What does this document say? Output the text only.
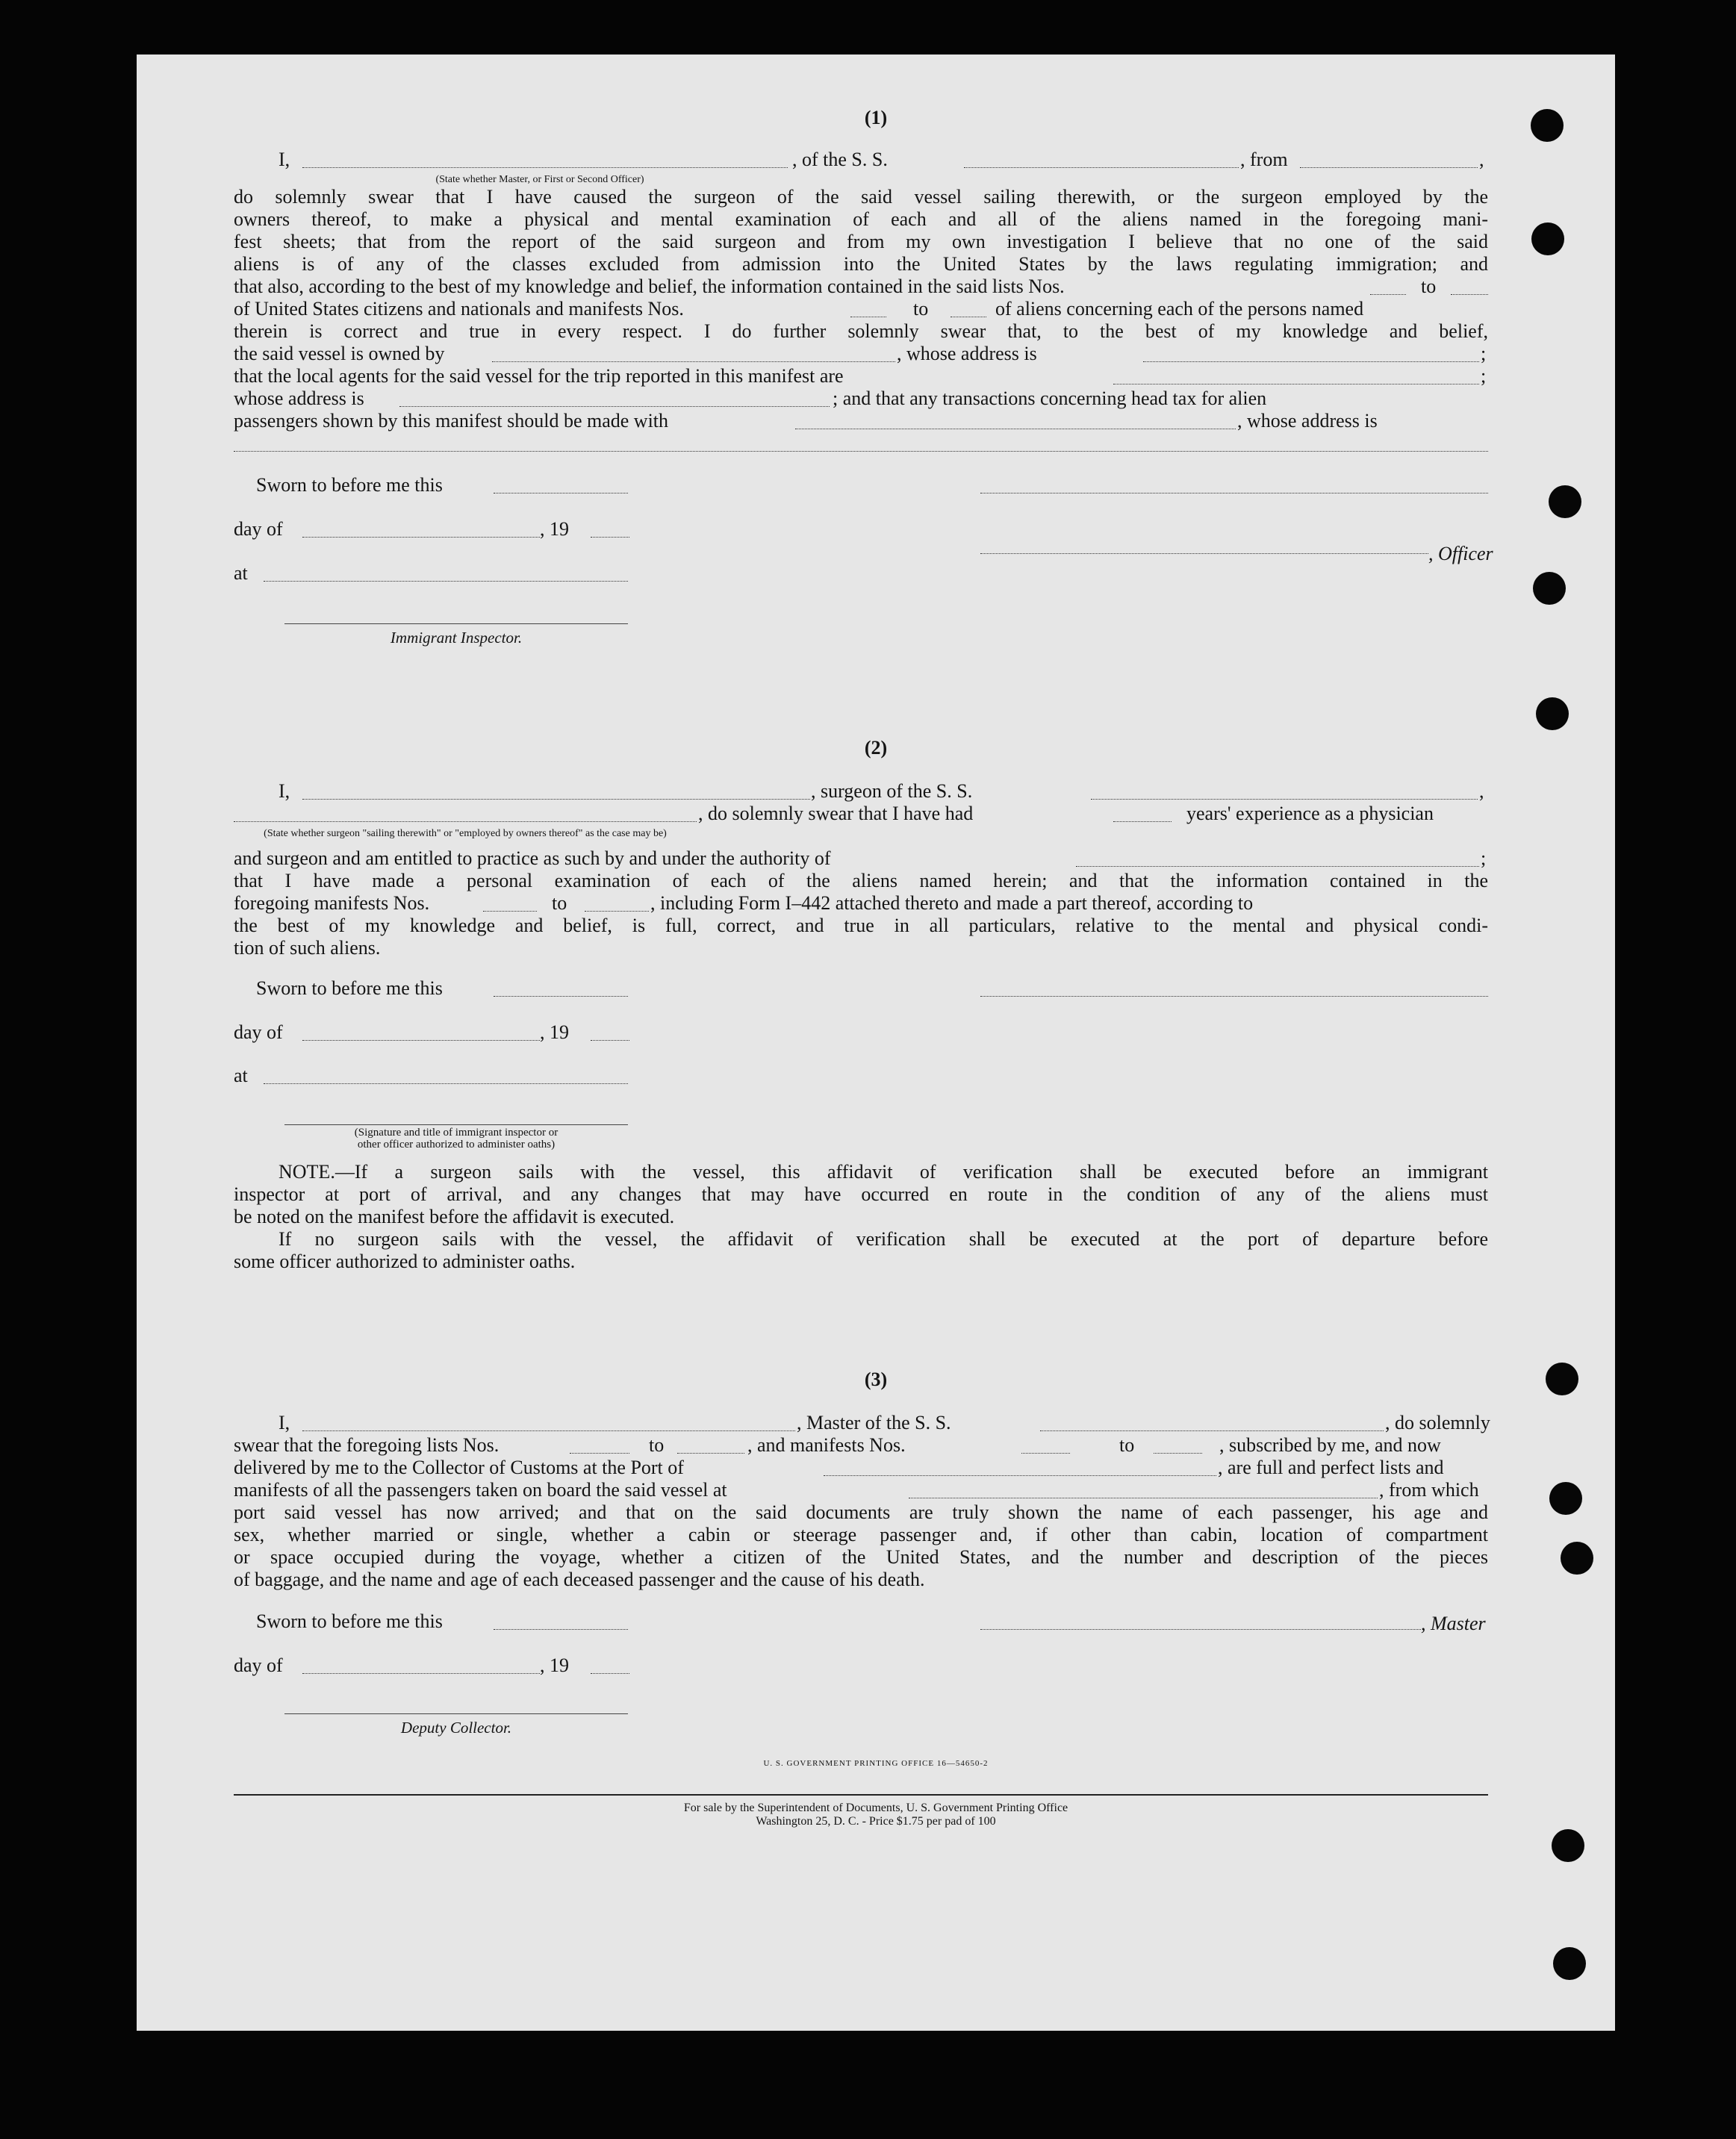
(1)
I,	, of the S. S.	, from	,
(State whether Master, or First or Second Officer)
do solemnly swear that I have caused the surgeon of the said vessel sailing therewith, or the surgeon employed by the
owners thereof, to make a physical and mental examination of each and all of the aliens named in the foregoing mani-
fest sheets; that from the report of the said surgeon and from my own investigation I believe that no one of the said
aliens is of any of the classes excluded from admission into the United States by the laws regulating immigration; and
that also, according to the best of my knowledge and belief, the information contained in the said lists Nos.	to
of United States citizens and nationals and manifests Nos.	to	of aliens concerning each of the persons named
therein is correct and true in every respect. I do further solemnly swear that, to the best of my knowledge and belief,
the said vessel is owned by	, whose address is	;
that the local agents for the said vessel for the trip reported in this manifest are	;
whose address is	; and that any transactions concerning head tax for alien
passengers shown by this manifest should be made with	, whose address is
Sworn to before me this
day of	, 19
, Officer
at
Immigrant Inspector.
(2)
I,	, surgeon of the S. S.	,
, do solemnly swear that I have had	years' experience as a physician
(State whether surgeon "sailing therewith" or "employed by owners thereof" as the case may be)
and surgeon and am entitled to practice as such by and under the authority of	;
that I have made a personal examination of each of the aliens named herein; and that the information contained in the
foregoing manifests Nos.	to	, including Form I–442 attached thereto and made a part thereof, according to
the best of my knowledge and belief, is full, correct, and true in all particulars, relative to the mental and physical condi-
tion of such aliens.
Sworn to before me this
day of	, 19
at
(Signature and title of immigrant inspector or
other officer authorized to administer oaths)
NOTE.—If a surgeon sails with the vessel, this affidavit of verification shall be executed before an immigrant
inspector at port of arrival, and any changes that may have occurred en route in the condition of any of the aliens must
be noted on the manifest before the affidavit is executed.
If no surgeon sails with the vessel, the affidavit of verification shall be executed at the port of departure before
some officer authorized to administer oaths.
(3)
I,	, Master of the S. S.	, do solemnly
swear that the foregoing lists Nos.	to	, and manifests Nos.	to	, subscribed by me, and now
delivered by me to the Collector of Customs at the Port of	, are full and perfect lists and
manifests of all the passengers taken on board the said vessel at	, from which
port said vessel has now arrived; and that on the said documents are truly shown the name of each passenger, his age and
sex, whether married or single, whether a cabin or steerage passenger and, if other than cabin, location of compartment
or space occupied during the voyage, whether a citizen of the United States, and the number and description of the pieces
of baggage, and the name and age of each deceased passenger and the cause of his death.
Sworn to before me this	, Master
day of	, 19
Deputy Collector.
U. S. GOVERNMENT PRINTING OFFICE 16—54650-2
For sale by the Superintendent of Documents, U. S. Government Printing Office
Washington 25, D. C. - Price $1.75 per pad of 100
